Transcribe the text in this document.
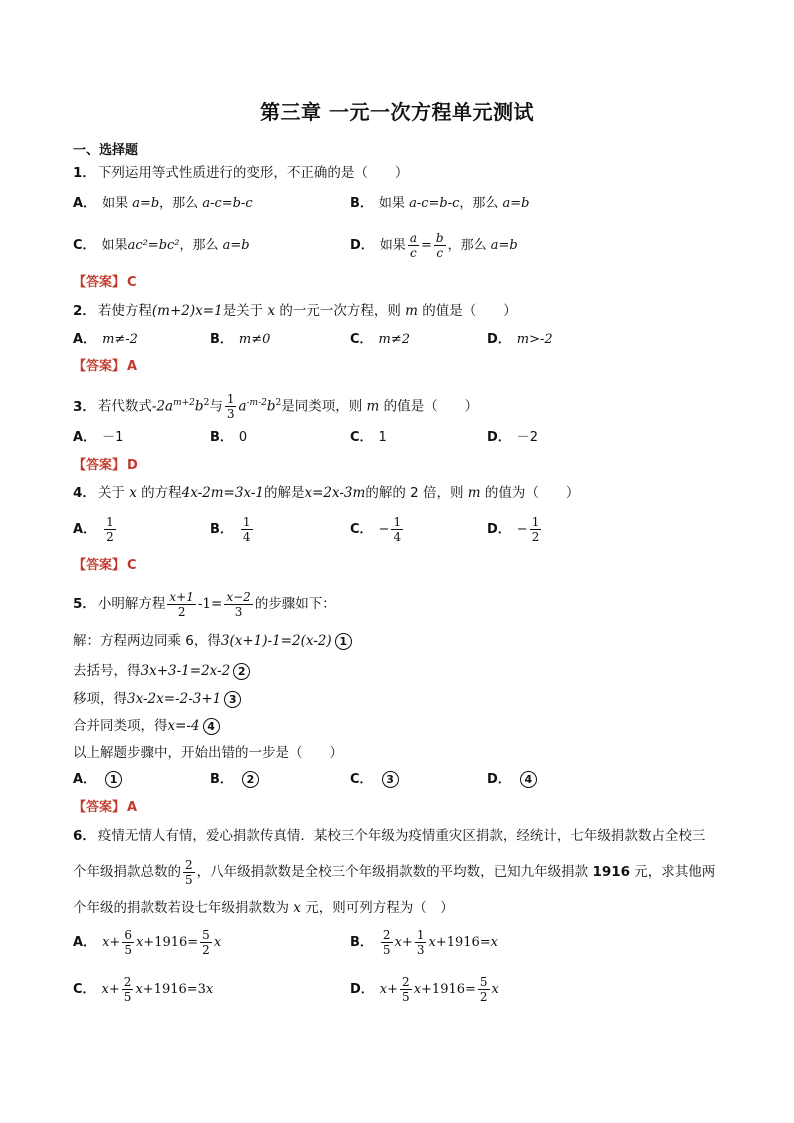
第三章 一元一次方程单元测试
一、选择题
1． 下列运用等式性质进行的变形，不正确的是（　　）
A． 如果 a=b，那么 a-c=b-c	B． 如果 a-c=b-c，那么 a=b
C． 如果ac²=bc²，那么 a=b	D． 如果 $\frac{a}{c} = \frac{b}{c}$ ，那么 a=b
【答案】 C
2． 若使方程(m+2)x=1是关于 x 的一元一次方程，则 m 的值是（　　）
A． m≠-2	B． m≠0	C． m≠2	D． m>-2
【答案】 A
3． 若代数式$-2a^{m+2}b^2$与 $\frac{1}{3} a^{-m-2}b^2$是同类项，则 m 的值是（　　）
A． －1	B． 0	C． 1	D． －2
【答案】 D
4． 关于 x 的方程4x-2m=3x-1的解是x=2x-3m的解的 2 倍，则 m 的值为（　　）
A． $\frac{1}{2}$	B． $\frac{1}{4}$	C． − $\frac{1}{4}$	D． − $\frac{1}{2}$
【答案】 C
5． 小明解方程 $\frac{x+1}{2} -1= \frac{x-2}{3}$ 的步骤如下：
解：方程两边同乘 6，得3(x+1)-1=2(x-2) 1
去括号，得3x+3-1=2x-2 2
移项，得3x-2x=-2-3+1 3
合并同类项，得x=-4 4
以上解题步骤中，开始出错的一步是（　　）
A． 1	B． 2	C． 3	D． 4
【答案】 A
6． 疫情无情人有情，爱心捐款传真情．某校三个年级为疫情重灾区捐款，经统计，七年级捐款数占全校三
个年级捐款总数的 $\frac{2}{5}$ ，八年级捐款数是全校三个年级捐款数的平均数，已知九年级捐款 1916 元，求其他两
个年级的捐款数若设七年级捐款数为 x 元，则可列方程为（　）
A． $x+ \frac{6}{5} x+1916= \frac{5}{2}$ x	B． $\frac{2}{5} x+ \frac{1}{3} x+1916=x$
C． $x+ \frac{2}{5} x+1916=3x$	D． $x+ \frac{2}{5} x+1916= \frac{5}{2}$ x
